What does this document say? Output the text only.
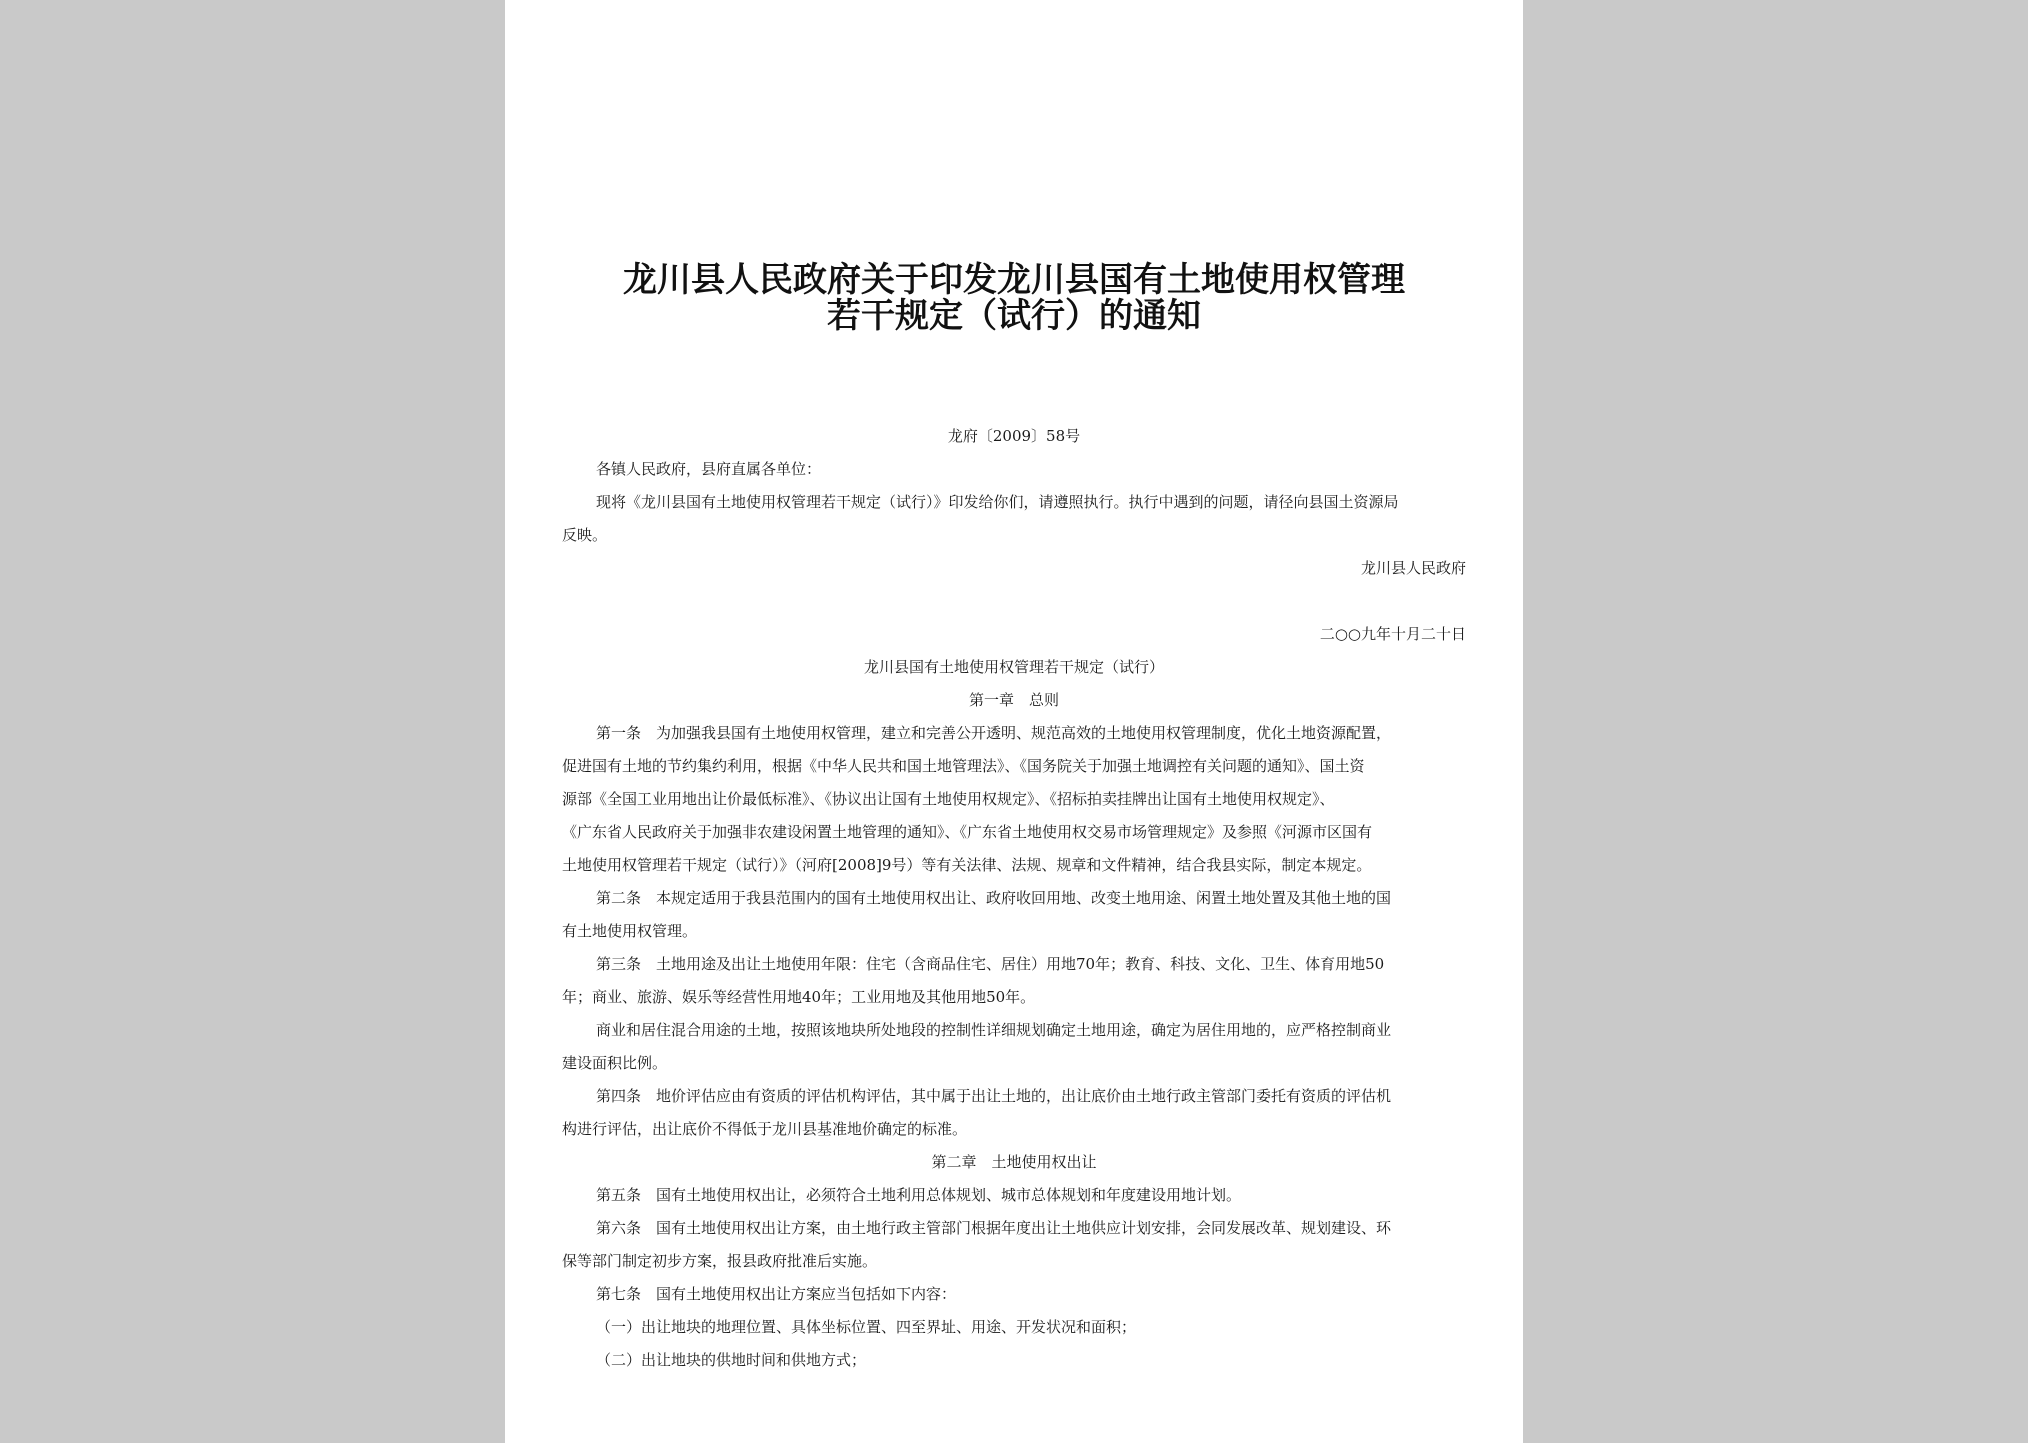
龙川县人民政府关于印发龙川县国有土地使用权管理
若干规定（试行）的通知
龙府〔2009〕58号
各镇人民政府，县府直属各单位：
现将《龙川县国有土地使用权管理若干规定（试行）》印发给你们，请遵照执行。执行中遇到的问题，请径向县国土资源局
反映。
龙川县人民政府
二○○九年十月二十日
龙川县国有土地使用权管理若干规定（试行）
第一章　总则
第一条　为加强我县国有土地使用权管理，建立和完善公开透明、规范高效的土地使用权管理制度，优化土地资源配置，
促进国有土地的节约集约利用，根据《中华人民共和国土地管理法》、《国务院关于加强土地调控有关问题的通知》、国土资
源部《全国工业用地出让价最低标准》、《协议出让国有土地使用权规定》、《招标拍卖挂牌出让国有土地使用权规定》、
《广东省人民政府关于加强非农建设闲置土地管理的通知》、《广东省土地使用权交易市场管理规定》及参照《河源市区国有
土地使用权管理若干规定（试行）》（河府[2008]9号）等有关法律、法规、规章和文件精神，结合我县实际，制定本规定。
第二条　本规定适用于我县范围内的国有土地使用权出让、政府收回用地、改变土地用途、闲置土地处置及其他土地的国
有土地使用权管理。
第三条　土地用途及出让土地使用年限：住宅（含商品住宅、居住）用地70年；教育、科技、文化、卫生、体育用地50
年；商业、旅游、娱乐等经营性用地40年；工业用地及其他用地50年。
商业和居住混合用途的土地，按照该地块所处地段的控制性详细规划确定土地用途，确定为居住用地的，应严格控制商业
建设面积比例。
第四条　地价评估应由有资质的评估机构评估，其中属于出让土地的，出让底价由土地行政主管部门委托有资质的评估机
构进行评估，出让底价不得低于龙川县基准地价确定的标准。
第二章　土地使用权出让
第五条　国有土地使用权出让，必须符合土地利用总体规划、城市总体规划和年度建设用地计划。
第六条　国有土地使用权出让方案，由土地行政主管部门根据年度出让土地供应计划安排，会同发展改革、规划建设、环
保等部门制定初步方案，报县政府批准后实施。
第七条　国有土地使用权出让方案应当包括如下内容：
（一）出让地块的地理位置、具体坐标位置、四至界址、用途、开发状况和面积；
（二）出让地块的供地时间和供地方式；
